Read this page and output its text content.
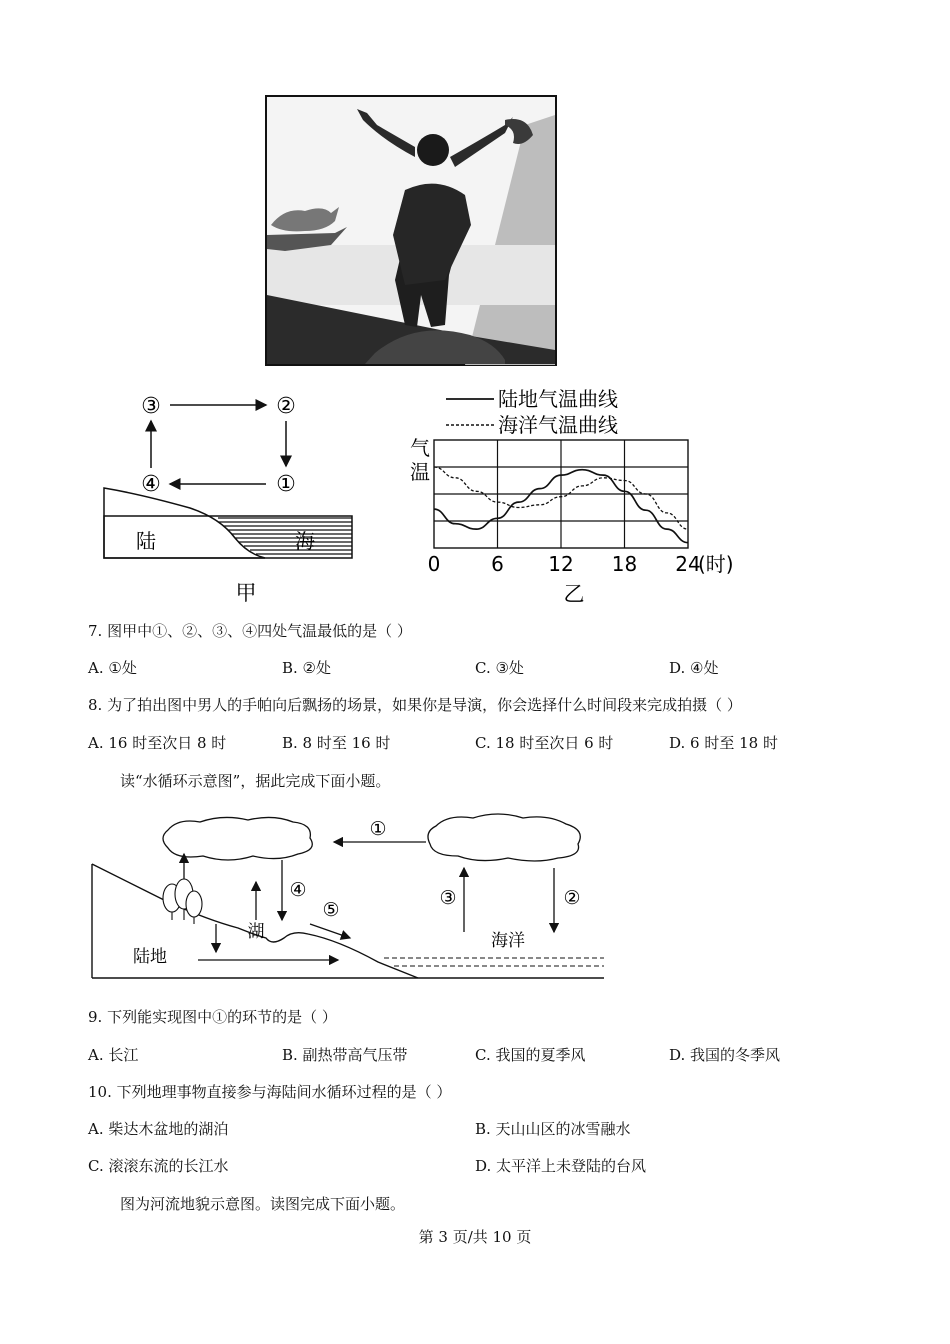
③	②
④	①
陆	海
甲
陆地气温曲线
海洋气温曲线
气
温
0	6 12 18 24
(时)
乙
7. 图甲中①、②、③、④四处气温最低的是（ ）
A. ①处	B. ②处	C. ③处	D. ④处
8. 为了拍出图中男人的手帕向后飘扬的场景，如果你是导演，你会选择什么时间段来完成拍摄（ ）
A. 16 时至次日 8 时	B. 8 时至 16 时	C. 18 时至次日 6 时	D. 6 时至 18 时
读“水循环示意图”，据此完成下面小题。
①
②
③
④
⑤
湖
陆地
海洋
9. 下列能实现图中①的环节的是（ ）
A. 长江	B. 副热带高气压带	C. 我国的夏季风	D. 我国的冬季风
10. 下列地理事物直接参与海陆间水循环过程的是（ ）
A. 柴达木盆地的湖泊	B. 天山山区的冰雪融水
C. 滚滚东流的长江水	D. 太平洋上未登陆的台风
图为河流地貌示意图。读图完成下面小题。
第 3 页/共 10 页
